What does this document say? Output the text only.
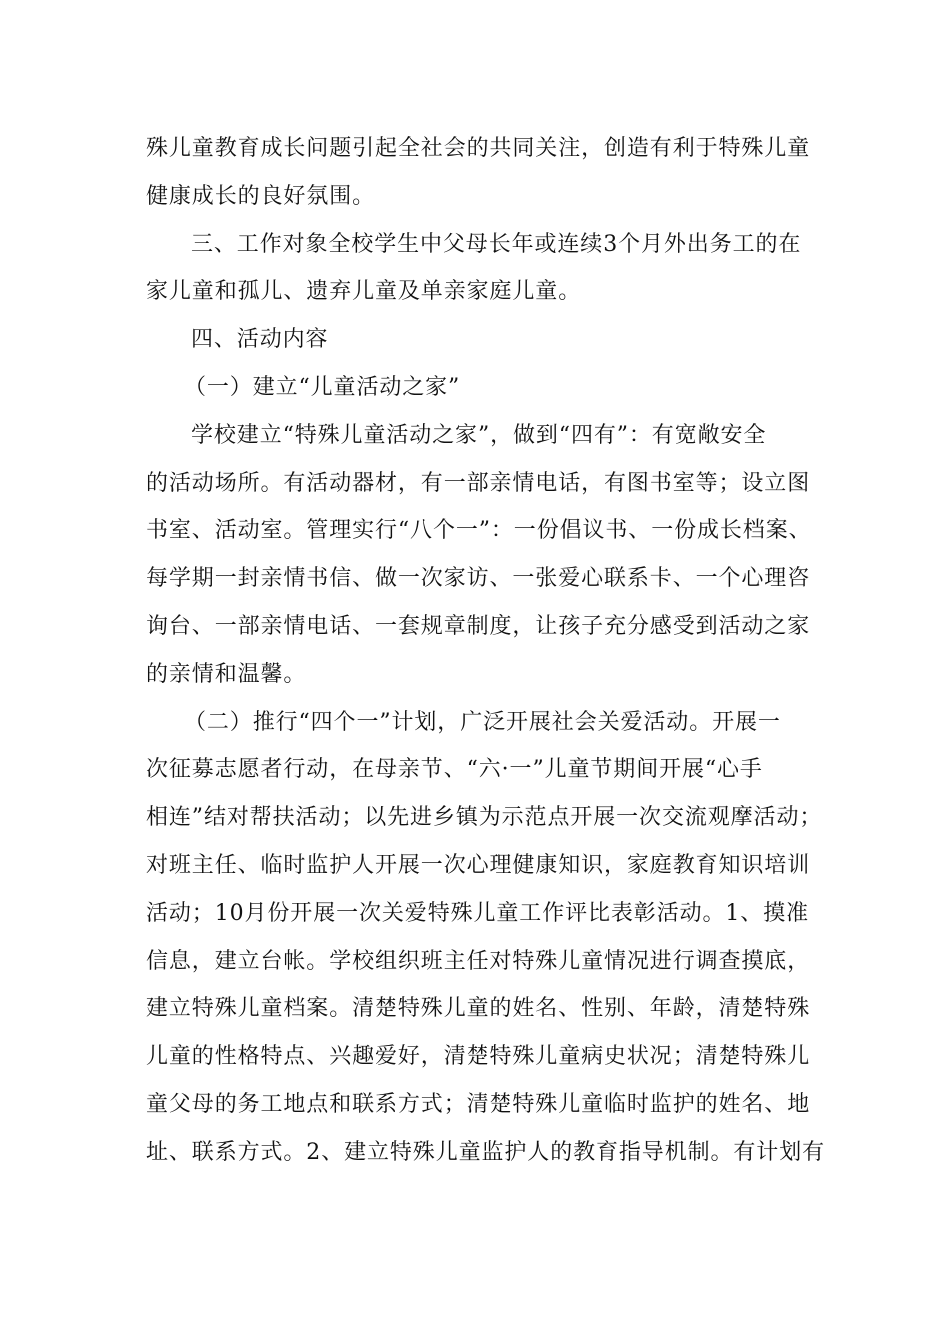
殊儿童教育成长问题引起全社会的共同关注，创造有利于特殊儿童
健康成长的良好氛围。
三、工作对象全校学生中父母长年或连续3个月外出务工的在
家儿童和孤儿、遗弃儿童及单亲家庭儿童。
四、活动内容
（一）建立“儿童活动之家”
学校建立“特殊儿童活动之家”，做到“四有”：有宽敞安全
的活动场所。有活动器材，有一部亲情电话，有图书室等；设立图
书室、活动室。管理实行“八个一”：一份倡议书、一份成长档案、
每学期一封亲情书信、做一次家访、一张爱心联系卡、一个心理咨
询台、一部亲情电话、一套规章制度，让孩子充分感受到活动之家
的亲情和温馨。
（二）推行“四个一”计划，广泛开展社会关爱活动。开展一
次征募志愿者行动，在母亲节、“六·一”儿童节期间开展“心手
相连”结对帮扶活动；以先进乡镇为示范点开展一次交流观摩活动；
对班主任、临时监护人开展一次心理健康知识，家庭教育知识培训
活动；10月份开展一次关爱特殊儿童工作评比表彰活动。1、摸准
信息，建立台帐。学校组织班主任对特殊儿童情况进行调查摸底，
建立特殊儿童档案。清楚特殊儿童的姓名、性别、年龄，清楚特殊
儿童的性格特点、兴趣爱好，清楚特殊儿童病史状况；清楚特殊儿
童父母的务工地点和联系方式；清楚特殊儿童临时监护的姓名、地
址、联系方式。2、建立特殊儿童监护人的教育指导机制。有计划有
